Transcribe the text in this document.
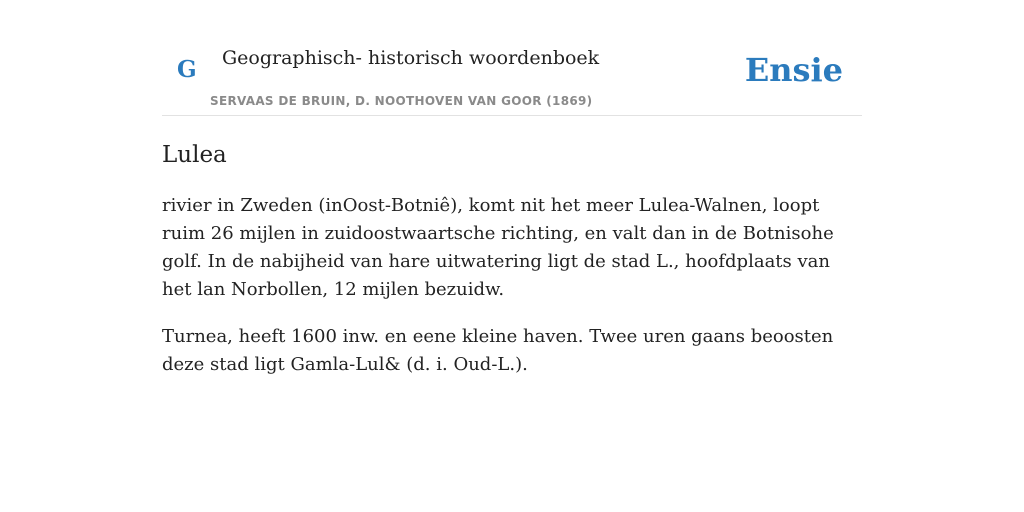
G Geographisch- historisch woordenboek
SERVAAS DE BRUIN, D. NOOTHOVEN VAN GOOR (1869)
Ensie
Lulea

rivier in Zweden (inOost-Botniê), komt nit het meer Lulea-Walnen, loopt ruim 26 mijlen in zuidoostwaartsche richting, en valt dan in de Botnisohe golf. In de nabijheid van hare uitwatering ligt de stad L., hoofdplaats van het lan Norbollen, 12 mijlen bezuidw.

Turnea, heeft 1600 inw. en eene kleine haven. Twee uren gaans beoosten deze stad ligt Gamla-Lul& (d. i. Oud-L.).
